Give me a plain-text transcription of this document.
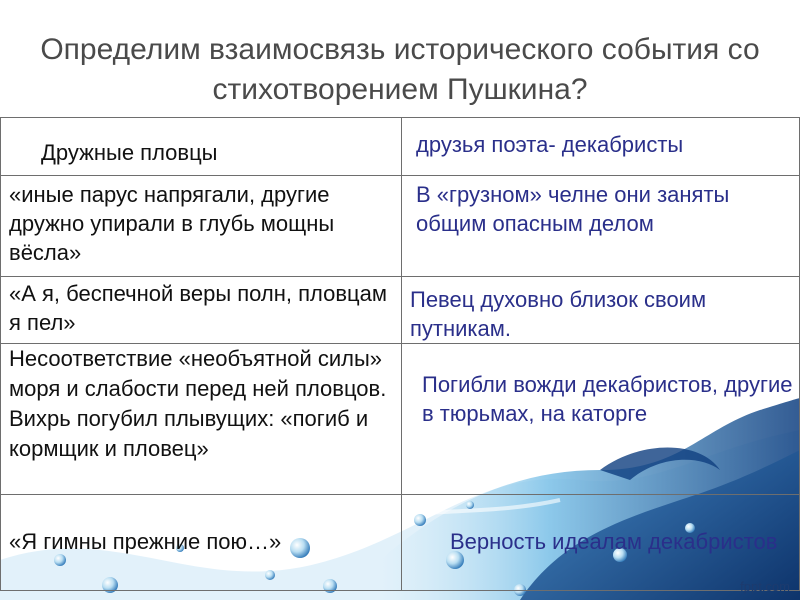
Определим взаимосвязь исторического события со стихотворением Пушкина?
Дружные пловцы	друзья поэта- декабристы

«иные парус напрягали, другие дружно упирали в глубь мощны вёсла»	В «грузном» челне они заняты общим опасным делом

«А я, беспечной веры полн, пловцам я пел»	Певец духовно близок своим путникам.

Несоответствие «необъятной силы» моря и слабости перед ней пловцов. Вихрь погубил плывущих: «погиб и кормщик и пловец»	Погибли вожди декабристов, другие в тюрьмах, на каторге

«Я гимны прежние пою…»	Верность идеалам декабристов
fppt.com
